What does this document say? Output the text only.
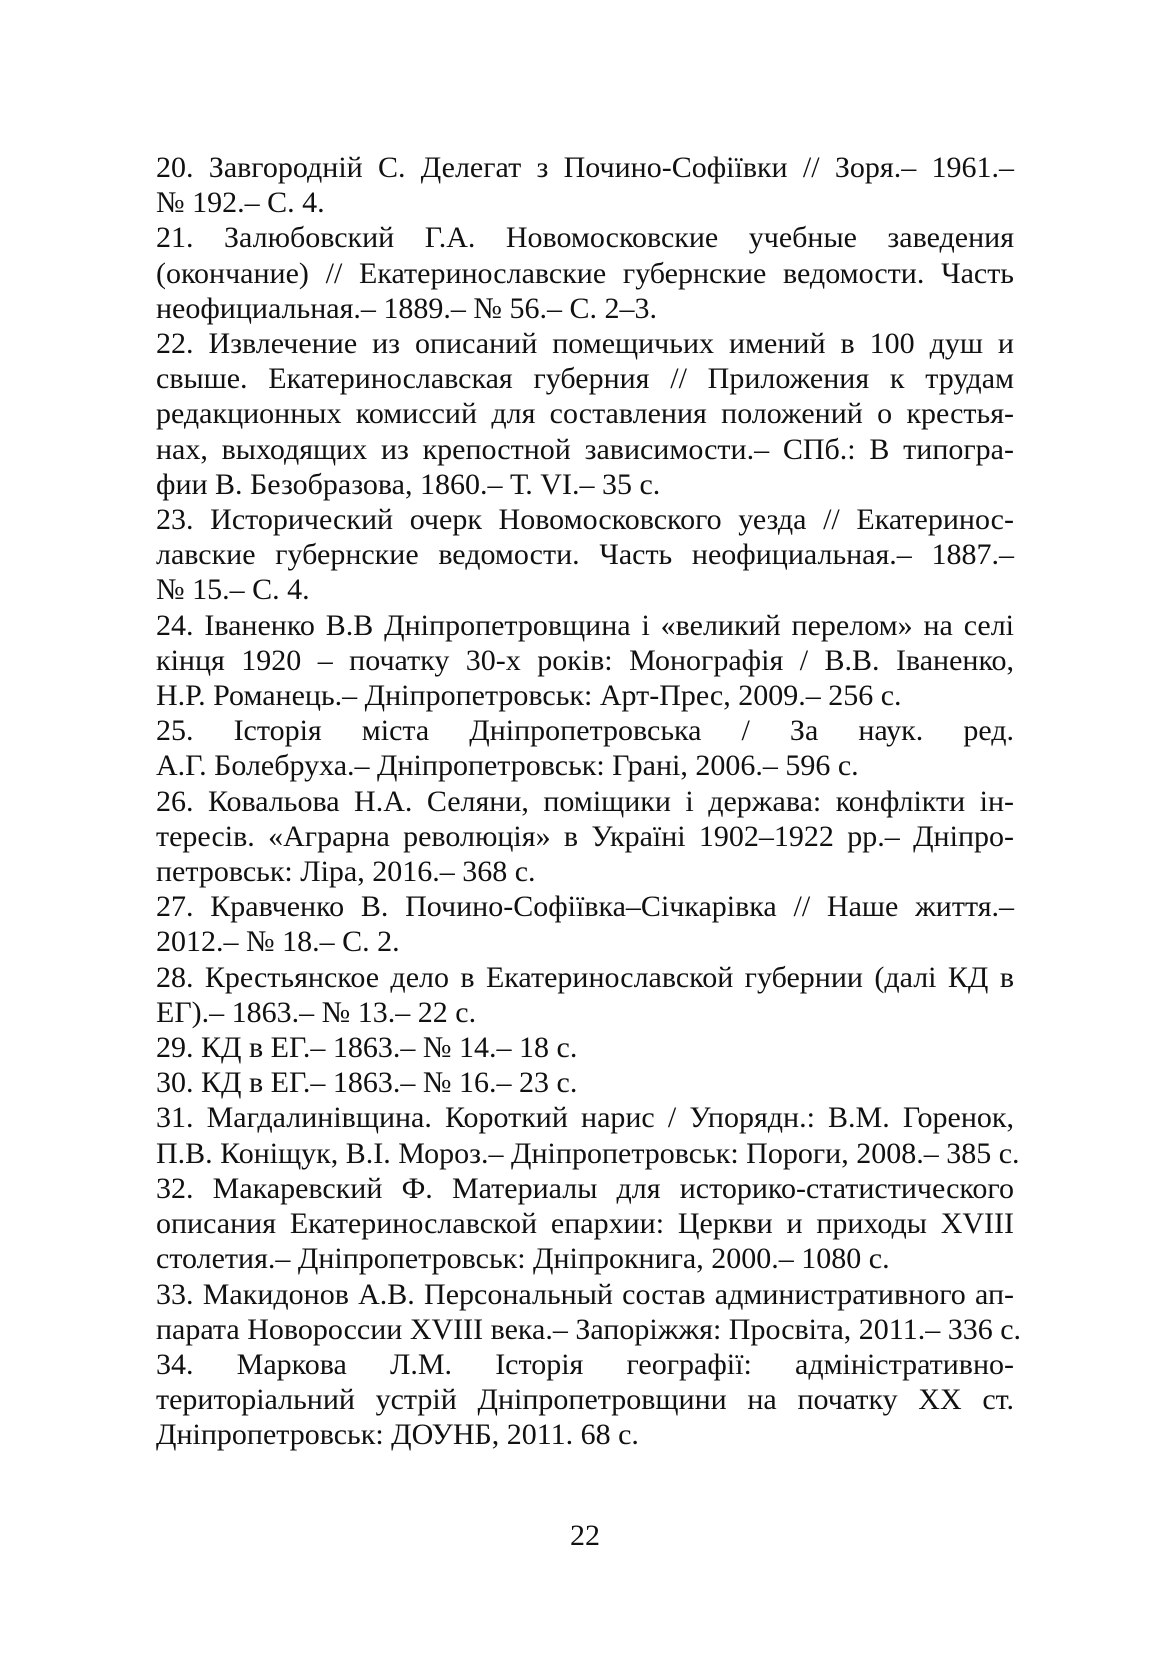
20. Завгородній С. Делегат з Почино-Софіївки // Зоря.– 1961.–
№ 192.– С. 4.

21. Залюбовский Г.А. Новомосковские учебные заведения
(окончание) // Екатеринославские губернские ведомости. Часть
неофициальная.– 1889.– № 56.– С. 2–3.

22. Извлечение из описаний помещичьих имений в 100 душ и
свыше. Екатеринославская губерния // Приложения к трудам
редакционных комиссий для составления положений о крестья-
нах, выходящих из крепостной зависимости.– СПб.: В типогра-
фии В. Безобразова, 1860.– Т. VI.– 35 с.

23. Исторический очерк Новомосковского уезда // Екатеринос-
лавские губернские ведомости. Часть неофициальная.– 1887.–
№ 15.– С. 4.

24. Іваненко В.В Дніпропетровщина і «великий перелом» на селі
кінця 1920 – початку 30-х років: Монографія / В.В. Іваненко,
Н.Р. Романець.– Дніпропетровськ: Арт-Прес, 2009.– 256 с.

25. Історія міста Дніпропетровська / За наук. ред.
А.Г. Болебруха.– Дніпропетровськ: Грані, 2006.– 596 с.

26. Ковальова Н.А. Селяни, поміщики і держава: конфлікти ін-
тересів. «Аграрна революція» в Україні 1902–1922 рр.– Дніпро-
петровськ: Ліра, 2016.– 368 с.

27. Кравченко В. Почино-Софіївка–Січкарівка // Наше життя.–
2012.– № 18.– С. 2.

28. Крестьянское дело в Екатеринославской губернии (далі КД в
ЕГ).– 1863.– № 13.– 22 с.

29. КД в ЕГ.– 1863.– № 14.– 18 с.

30. КД в ЕГ.– 1863.– № 16.– 23 с.

31. Магдалинівщина. Короткий нарис / Упорядн.: В.М. Горенок,
П.В. Коніщук, В.І. Мороз.– Дніпропетровськ: Пороги, 2008.– 385 с.

32. Макаревский Ф. Материалы для историко-статистического
описания Екатеринославской епархии: Церкви и приходы XVIII
столетия.– Дніпропетровськ: Дніпрокнига, 2000.– 1080 с.

33. Макидонов А.В. Персональный состав административного ап-
парата Новороссии XVIII века.– Запоріжжя: Просвіта, 2011.– 336 с.

34. Маркова Л.М. Історія географії: адміністративно-
територіальний устрій Дніпропетровщини на початку XX ст.
Дніпропетровськ: ДОУНБ, 2011. 68 с.

22
